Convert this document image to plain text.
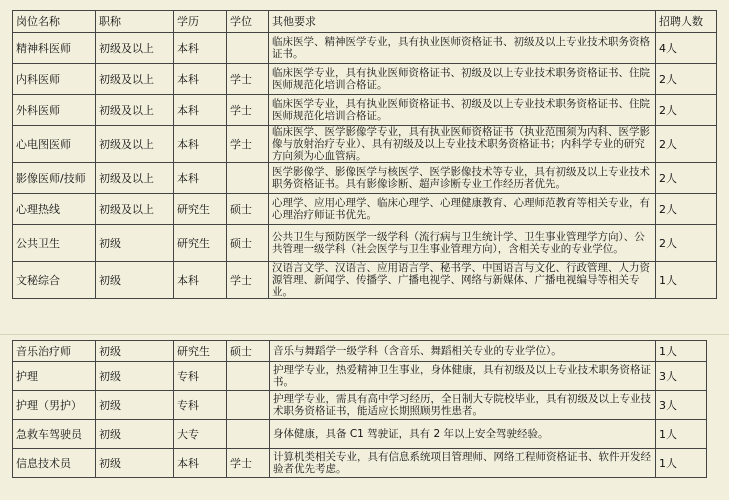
岗位名称	职称	学历	学位	其他要求	招聘人数
精神科医师	初级及以上	本科		临床医学、精神医学专业，具有执业医师资格证书、初级及以上专业技术职务资格证书。	4人
内科医师	初级及以上	本科	学士	临床医学专业，具有执业医师资格证书、初级及以上专业技术职务资格证书、住院医师规范化培训合格证。	2人
外科医师	初级及以上	本科	学士	临床医学专业，具有执业医师资格证书、初级及以上专业技术职务资格证书、住院医师规范化培训合格证。	2人
心电图医师	初级及以上	本科	学士	临床医学、医学影像学专业，具有执业医师资格证书（执业范围须为内科、医学影像与放射治疗专业）、具有初级及以上专业技术职务资格证书；内科学专业的研究方向须为心血管病。	2人
影像医师/技师	初级及以上	本科		医学影像学、影像医学与核医学、医学影像技术等专业，具有初级及以上专业技术职务资格证书。具有影像诊断、超声诊断专业工作经历者优先。	2人
心理热线	初级及以上	研究生	硕士	心理学、应用心理学、临床心理学、心理健康教育、心理师范教育等相关专业，有心理治疗师证书优先。	2人
公共卫生	初级	研究生	硕士	公共卫生与预防医学一级学科（流行病与卫生统计学、卫生事业管理学方向）、公共管理一级学科（社会医学与卫生事业管理方向），含相关专业的专业学位。	2人
文秘综合	初级	本科	学士	汉语言文学、汉语言、应用语言学、秘书学、中国语言与文化、行政管理、人力资源管理、新闻学、传播学、广播电视学、网络与新媒体、广播电视编导等相关专业。	1人
音乐治疗师	初级	研究生	硕士	音乐与舞蹈学一级学科（含音乐、舞蹈相关专业的专业学位）。	1人
护理	初级	专科		护理学专业，热爱精神卫生事业，身体健康，具有初级及以上专业技术职务资格证书。	3人
护理（男护）	初级	专科		护理学专业，需具有高中学习经历，全日制大专院校毕业，具有初级及以上专业技术职务资格证书，能适应长期照顾男性患者。	3人
急救车驾驶员	初级	大专		身体健康，具备 C1 驾驶证，具有 2 年以上安全驾驶经验。	1人
信息技术员	初级	本科	学士	计算机类相关专业，具有信息系统项目管理师、网络工程师资格证书、软件开发经验者优先考虑。	1人
